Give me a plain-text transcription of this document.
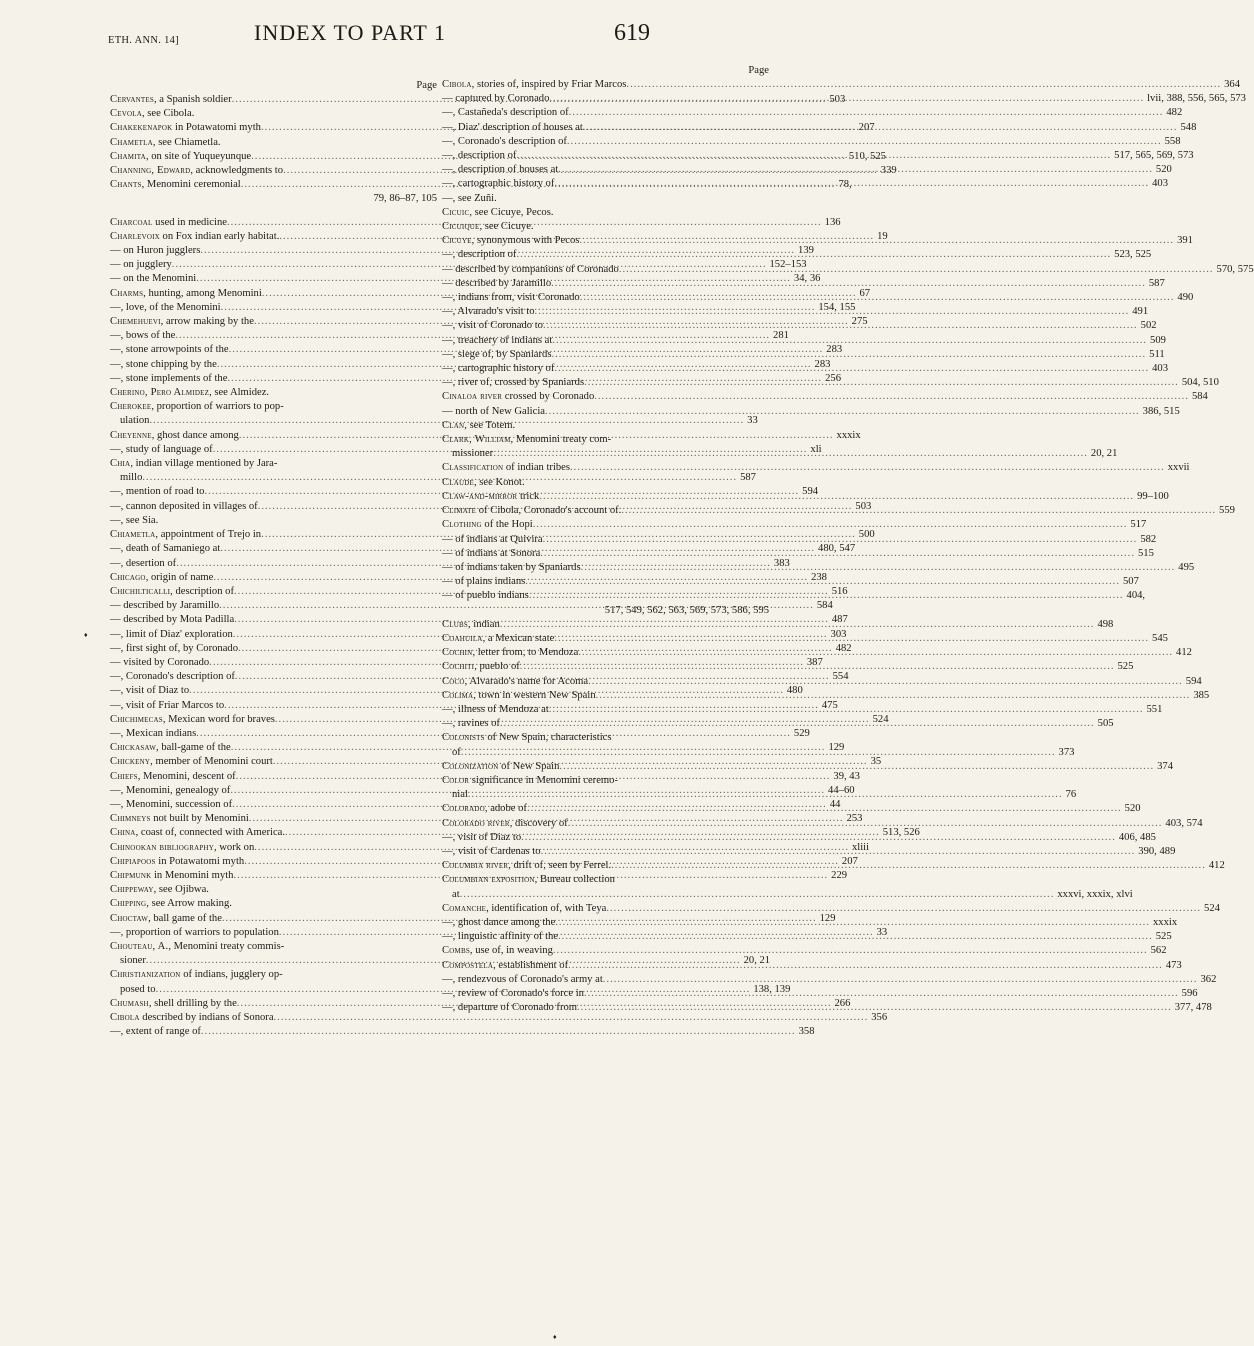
ETH. ANN. 14]	INDEX TO PART 1	619
Page
Cervantes, a Spanish soldier .....	503
Cevola, see Cibola.
Chakekenapok in Potawatomi myth .....	207
Chametla, see Chiametla.
Chamita, on site of Yuqueyunque .....	510, 525
Channing, Edward, acknowledgments to .....	339
Chants, Menomini ceremonial .....	78,
79, 86–87, 105
Charcoal used in medicine .....	136
Charlevoix on Fox indian early habitat. .....	19
— on Huron jugglers .....	139
— on jugglery .....	152–153
— on the Menomini .....	34, 36
Charms, hunting, among Menomini .....	67
—, love, of the Menomini .....	154, 155
Chemehuevi, arrow making by the .....	275
—, bows of the .....	281
—, stone arrowpoints of the .....	283
—, stone chipping by the .....	283
—, stone implements of the .....	256
Cherino, Pero Almidez, see Almidez.
Cherokee, proportion of warriors to pop-
ulation .....	33
Cheyenne, ghost dance among .....	xxxix
—, study of language of .....	xli
Chia, indian village mentioned by Jara-
millo .....	587
—, mention of road to .....	594
—, cannon deposited in villages of .....	503
—, see Sia.
Chiametla, appointment of Trejo in .....	500
—, death of Samaniego at .....	480, 547
—, desertion of .....	383
Chicago, origin of name .....	238
Chichilticalli, description of .....	516
— described by Jaramillo .....	584
— described by Mota Padilla .....	487
—, limit of Diaz' exploration .....	303
—, first sight of, by Coronado .....	482
— visited by Coronado .....	387
—, Coronado's description of .....	554
—, visit of Diaz to .....	480
—, visit of Friar Marcos to .....	475
Chichimecas, Mexican word for braves .....	524
—, Mexican indians .....	529
Chickasaw, ball-game of the .....	129
Chickeny, member of Menomini court .....	35
Chiefs, Menomini, descent of .....	39, 43
—, Menomini, genealogy of .....	44–60
—, Menomini, succession of .....	44
Chimneys not built by Menomini .....	253
China, coast of, connected with America. .....	513, 526
Chinookan bibliography, work on .....	xliii
Chipiapoos in Potawatomi myth .....	207
Chipmunk in Menomini myth .....	229
Chippeway, see Ojibwa.
Chipping, see Arrow making.
Choctaw, ball game of the .....	129
—, proportion of warriors to population .....	33
Chouteau, A., Menomini treaty commis-
sioner .....	20, 21
Christianization of indians, jugglery op-
posed to .....	138, 139
Chumash, shell drilling by the .....	266
Cibola described by indians of Sonora .....	356
—, extent of range of .....	358
Page
Cibola, stories of, inspired by Friar Marcos .....	364
— captured by Coronado .....	lvii, 388, 556, 565, 573
—, Castañeda's description of .....	482
—, Diaz' description of houses at .....	548
—, Coronado's description of .....	558
—, description of .....	517, 565, 569, 573
—, description of houses at .....	520
—, cartographic history of .....	403
—, see Zuñi.
Cicuic, see Cicuye, Pecos.
Cicuique, see Cicuye.
Cicuye, synonymous with Pecos .....	391
—, description of .....	523, 525
— described by companions of Coronado .....	570, 575
— described by Jaramillo .....	587
—, indians from, visit Coronado .....	490
—, Alvarado's visit to .....	491
—, visit of Coronado to .....	502
—, treachery of indians at .....	509
—, siege of, by Spaniards .....	511
—, cartographic history of .....	403
—, river of, crossed by Spaniards .....	504, 510
Cinaloa river crossed by Coronado .....	584
— north of New Galicia .....	386, 515
Clan, see Totem.
Clark, William, Menomini treaty com-
missioner .....	20, 21
Classification of indian tribes .....	xxvii
Claude, see Konot.
Claw-and-mirror trick .....	99–100
Climate of Cibola, Coronado's account of. .....	559
Clothing of the Hopi .....	517
— of indians at Quivira .....	582
— of indians at Sonora .....	515
— of indians taken by Spaniards .....	495
— of plains indians .....	507
— of pueblo indians .....	404,
517, 549, 562, 563, 569, 573, 586, 595
Clubs, indian .....	498
Coahuila, a Mexican state .....	545
Cochin, letter from, to Mendoza .....	412
Cochiti, pueblo of .....	525
Coco, Alvarado's name for Acoma .....	594
Colima, town in western New Spain .....	385
—, illness of Mendoza at .....	551
—, ravines of .....	505
Colonists of New Spain, characteristics
of .....	373
Colonization of New Spain .....	374
Color significance in Menomini ceremo-
nial .....	76
Colorado, adobe of .....	520
Colorado river, discovery of .....	403, 574
—, visit of Diaz to .....	406, 485
—, visit of Cardenas to .....	390, 489
Columbia river, drift of, seen by Ferrel. .....	412
Columbian exposition, Bureau collection
at .....	xxxvi, xxxix, xlvi
Comanche, identification of, with Teya .....	524
—, ghost dance among the .....	xxxix
—, linguistic affinity of the .....	525
Combs, use of, in weaving .....	562
Compostela, establishment of .....	473
—, rendezvous of Coronado's army at .....	362
—, review of Coronado's force in .....	596
—, departure of Coronado from .....	377, 478
♦
♦
